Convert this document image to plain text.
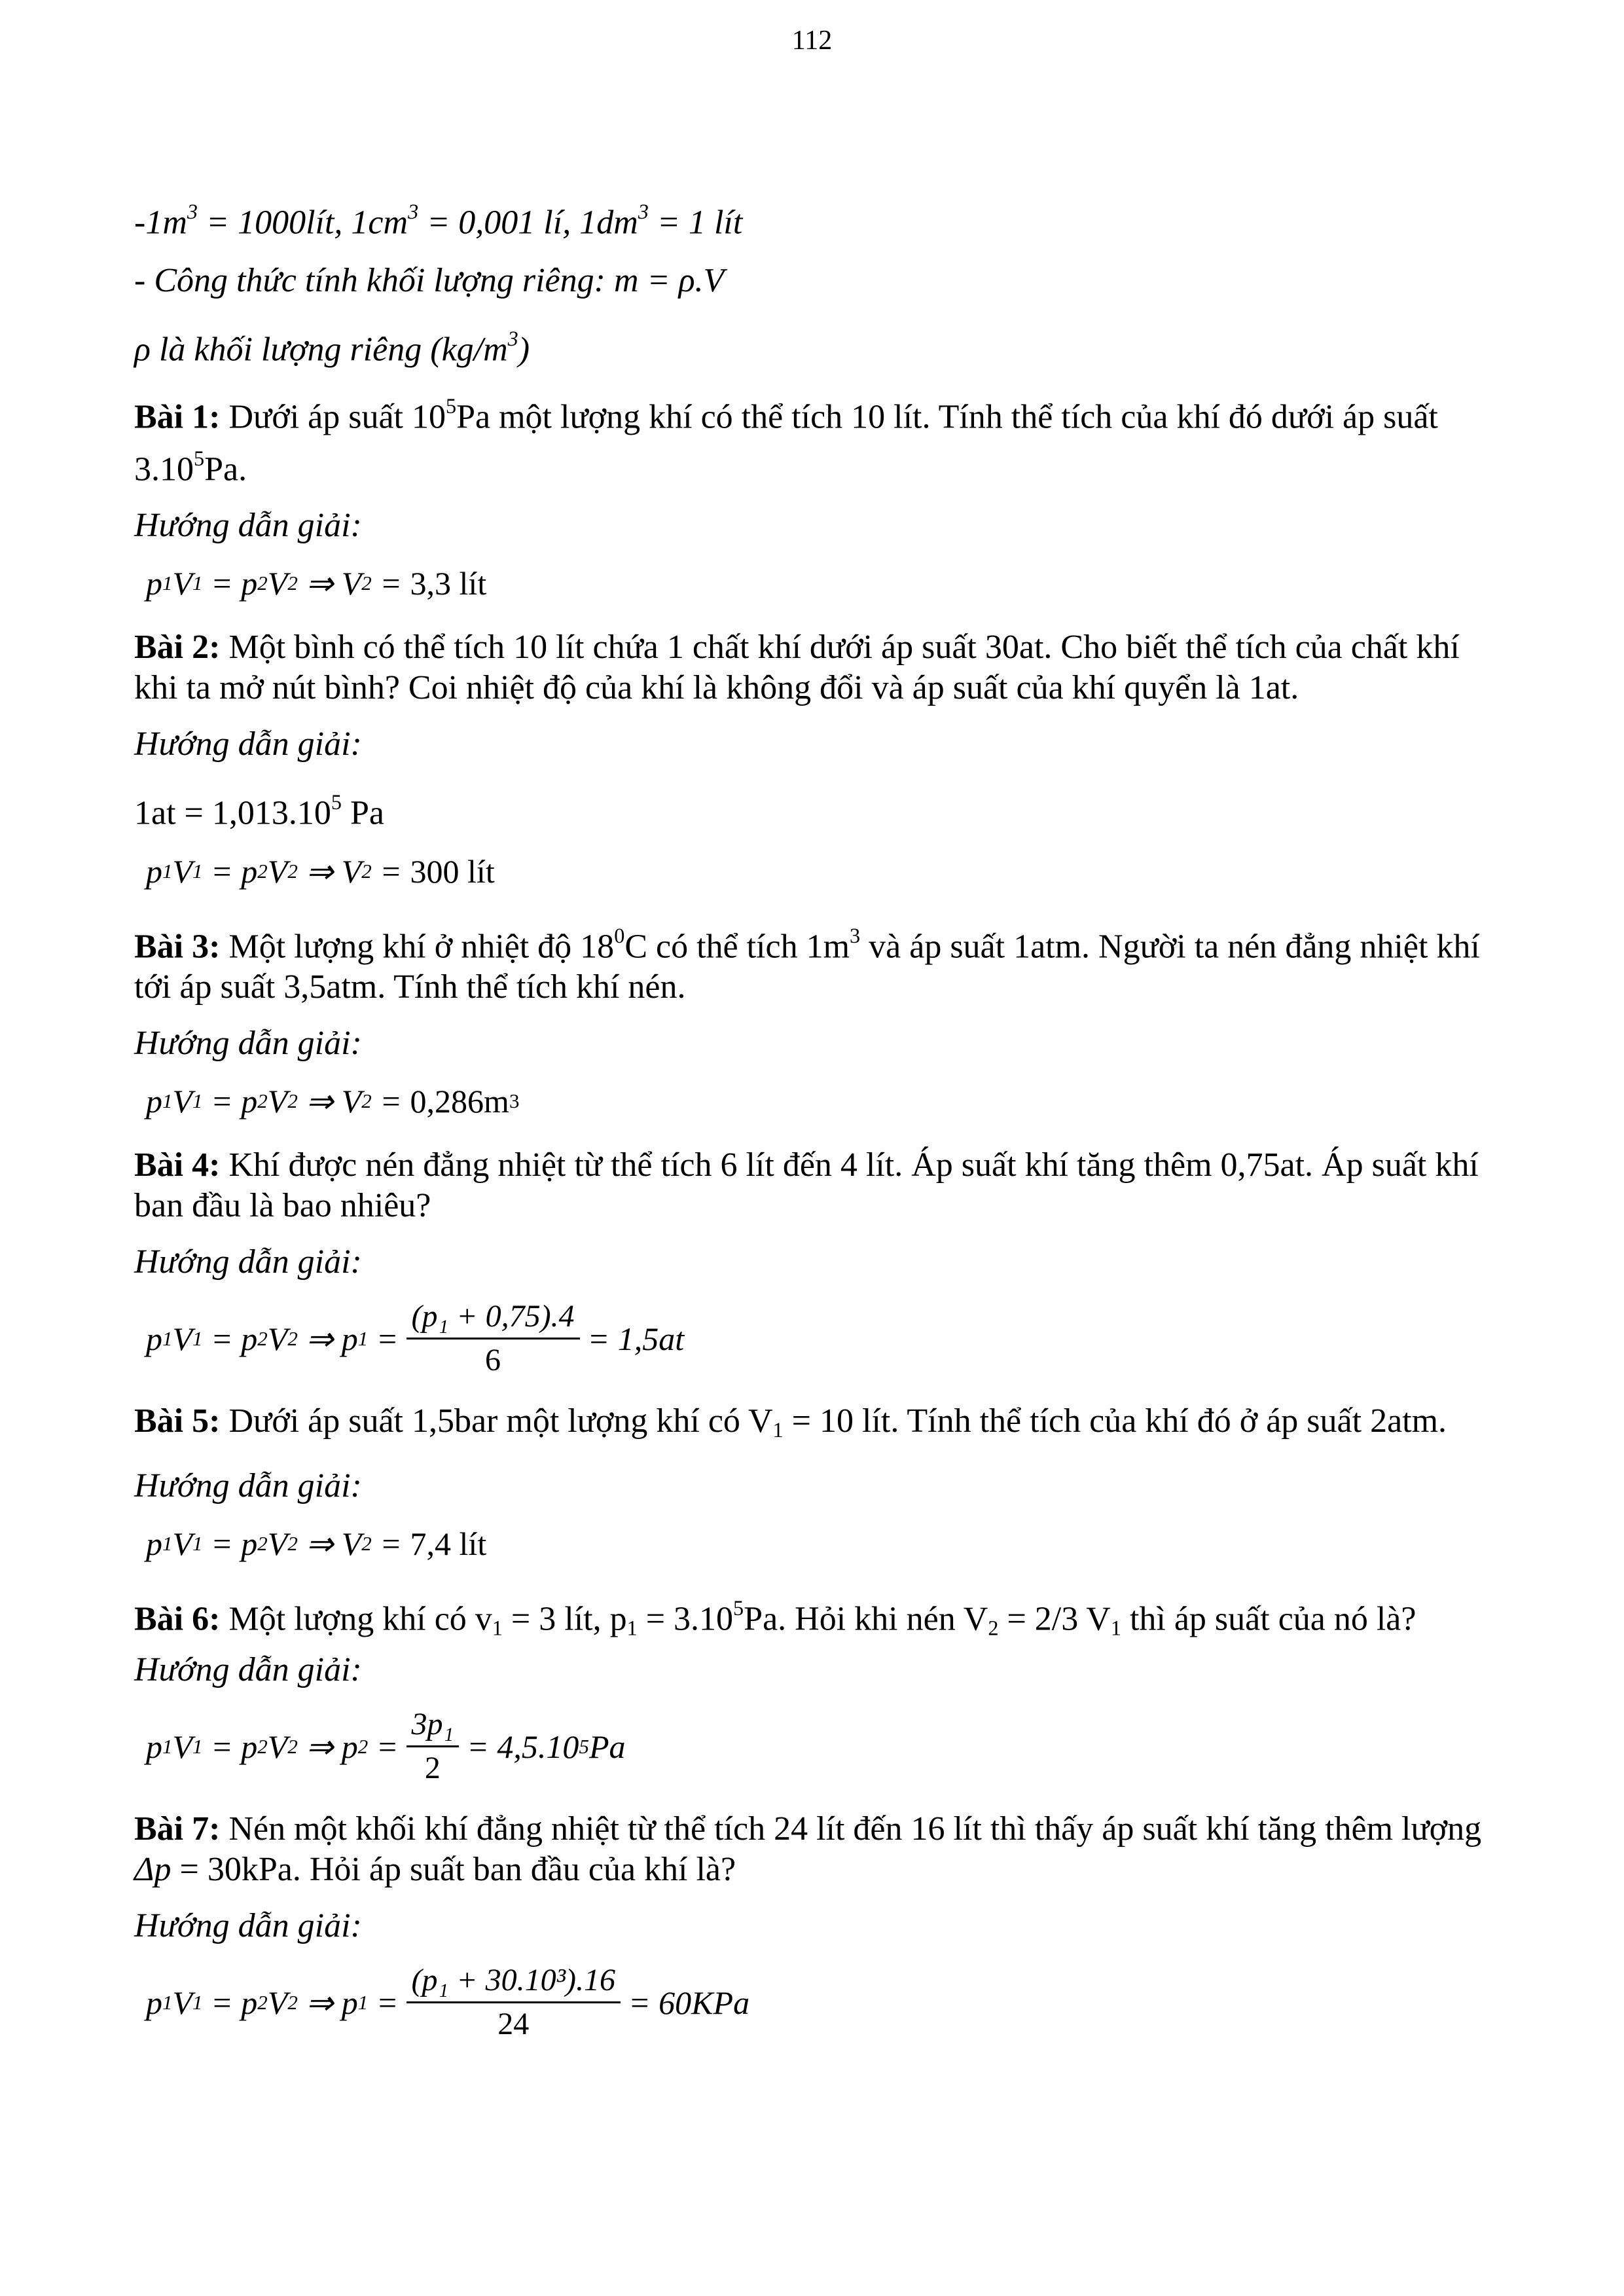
112
$-1m^3$ = 1000lít, $1cm^3 = 0,001$ lí, $1dm^3 = 1$ lít
- Công thức tính khối lượng riêng: m = ρ.V
ρ là khối lượng riêng $(kg/m^3)$
Bài 1: Dưới áp suất $10^5Pa$ một lượng khí có thể tích 10 lít. Tính thể tích của khí đó dưới áp suất 3.10$^5$Pa.
Hướng dẫn giải:
p 1 V 1 = p 2 V 2 ⇒ V 2 = 3,3
lít
Bài 2: Một bình có thể tích 10 lít chứa 1 chất khí dưới áp suất 30at. Cho biết thể tích của chất khí khi ta mở nút bình? Coi nhiệt độ của khí là không đổi và áp suất của khí quyển là 1at.
Hướng dẫn giải:
$1at = 1,013.10^5$ Pa
p 1 V 1 = p 2 V 2 ⇒ V 2 = 300
lít
Bài 3: Một lượng khí ở nhiệt độ $18^0C$ có thể tích $1m^3$ và áp suất 1atm. Người ta nén đẳng nhiệt khí tới áp suất 3,5atm. Tính thể tích khí nén.
Hướng dẫn giải:
p 1 V 1 = p 2 V 2 ⇒ V 2 = 0,286 m 3
Bài 4: Khí được nén đẳng nhiệt từ thể tích 6 lít đến 4 lít. Áp suất khí tăng thêm 0,75at. Áp suất khí ban đầu là bao nhiêu?
Hướng dẫn giải:
p 1 V 1 = p 2 V 2 ⇒ p $1 = \frac{\text{(p₁ + 0,75).4}}{6} = 1,5at$
Bài 5: Dưới áp suất 1,5bar một lượng khí có $V_1 = 10$ lít. Tính thể tích của khí đó ở áp suất 2atm.
Hướng dẫn giải:
p 1 V 1 = p 2 V 2 ⇒ V 2 = 7,4
lít
Bài 6: Một lượng khí có $v_1 = 3$ lít, $p_1 = 3.10^5Pa$. Hỏi khi nén $V_2 = 2/3$ $V_1$ thì áp suất của nó là?
Hướng dẫn giải:
p 1 V 1 = p 2 V 2 ⇒ p $2 = \frac{\text{3p₁}}{2} = 4,5.10$ 5 Pa
Bài 7: Nén một khối khí đẳng nhiệt từ thể tích 24 lít đến 16 lít thì thấy áp suất khí tăng thêm lượng Δp = 30kPa. Hỏi áp suất ban đầu của khí là?
Hướng dẫn giải:
p 1 V 1 = p 2 V 2 ⇒ p $1 = \frac{\text{(p₁ + 30.10³).16}}{24} = 60KPa$
